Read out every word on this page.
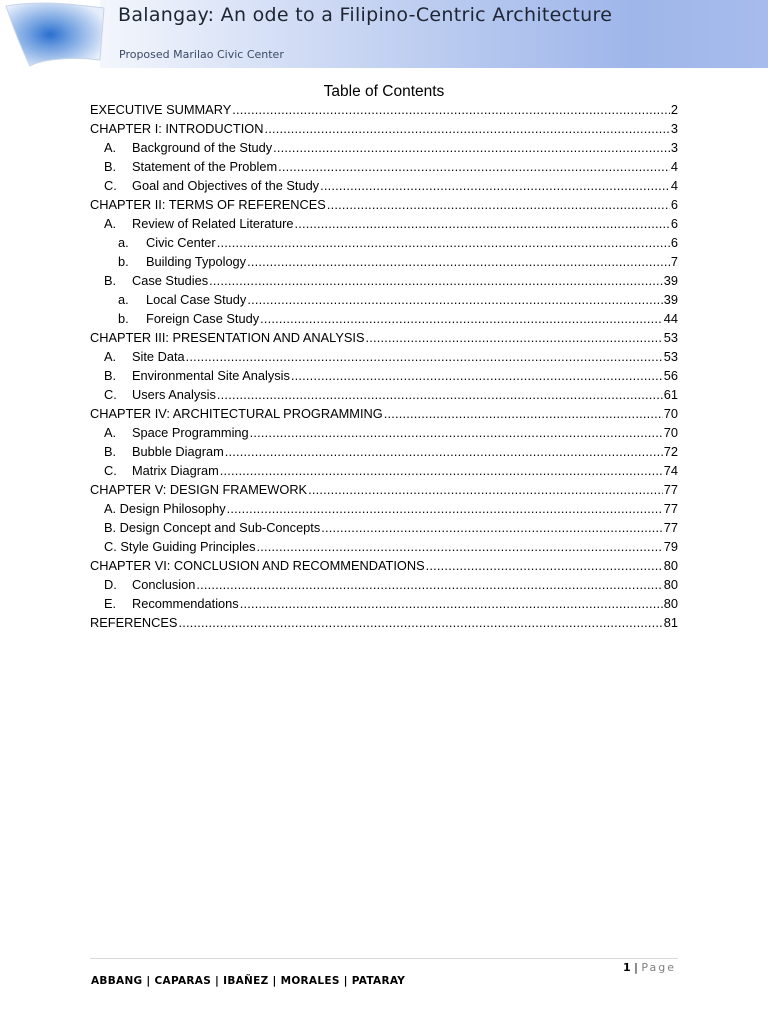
Balangay: An ode to a Filipino-Centric Architecture
Proposed Marilao Civic Center
Table of Contents
EXECUTIVE SUMMARY .....	2
CHAPTER I: INTRODUCTION .....	3
A.	Background of the Study .....	3
B.	Statement of the Problem .....	4
C.	Goal and Objectives of the Study .....	4
CHAPTER II: TERMS OF REFERENCES .....	6
A.	Review of Related Literature .....	6
a.	Civic Center .....	6
b.	Building Typology .....	7
B.	Case Studies .....	39
a.	Local Case Study .....	39
b.	Foreign Case Study .....	44
CHAPTER III: PRESENTATION AND ANALYSIS .....	53
A.	Site Data .....	53
B.	Environmental Site Analysis .....	56
C.	Users Analysis .....	61
CHAPTER IV: ARCHITECTURAL PROGRAMMING .....	70
A.	Space Programming .....	70
B.	Bubble Diagram .....	72
C.	Matrix Diagram .....	74
CHAPTER V: DESIGN FRAMEWORK .....	77
A. Design Philosophy .....	77
B. Design Concept and Sub-Concepts .....	77
C. Style Guiding Principles .....	79
CHAPTER VI: CONCLUSION AND RECOMMENDATIONS .....	80
D.	Conclusion .....	80
E.	Recommendations .....	80
REFERENCES .....	81
1 | Page
ABBANG | CAPARAS | IBAÑEZ | MORALES | PATARAY
